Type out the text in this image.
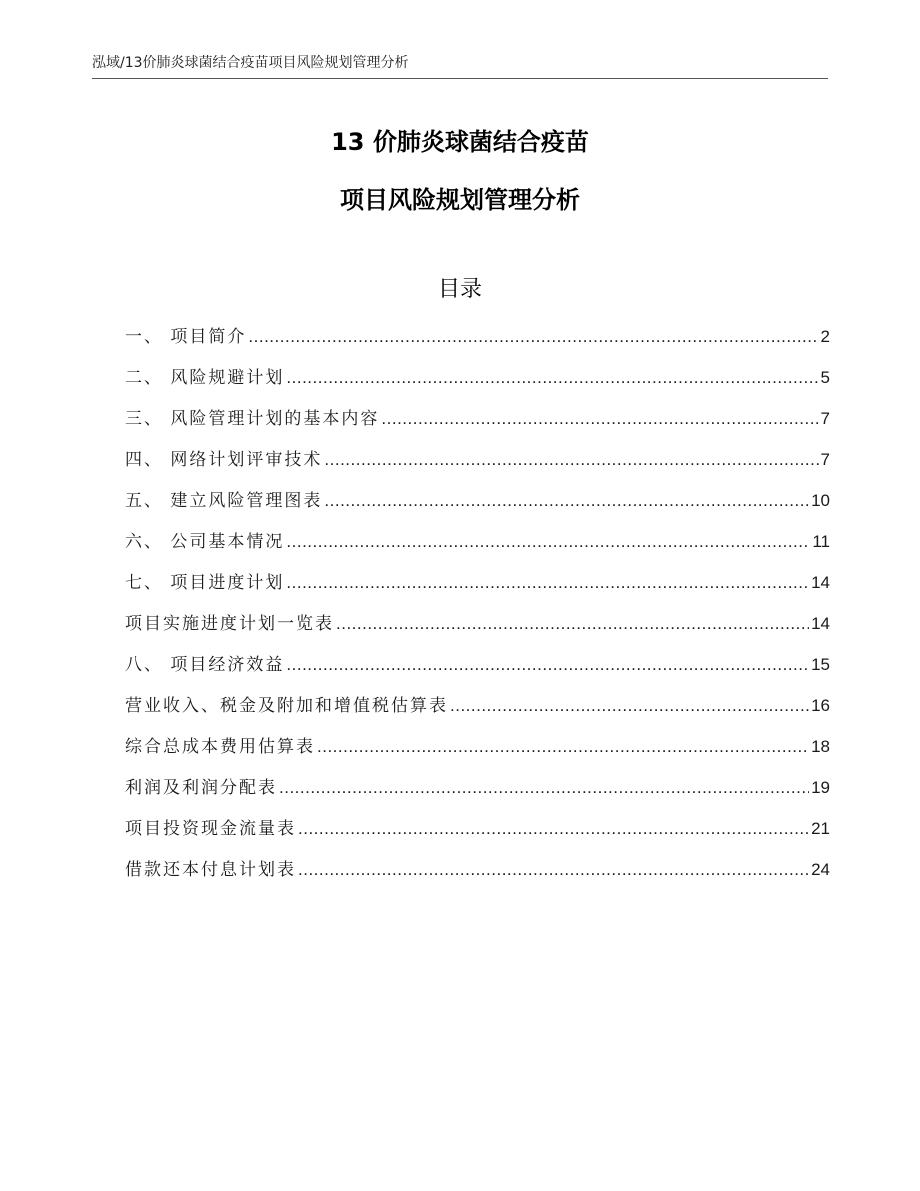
泓域/13价肺炎球菌结合疫苗项目风险规划管理分析
13 价肺炎球菌结合疫苗
项目风险规划管理分析
目录
一、 项目简介 .....	2
二、 风险规避计划 .....	5
三、 风险管理计划的基本内容 .....	7
四、 网络计划评审技术 .....	7
五、 建立风险管理图表 .....	10
六、 公司基本情况 .....	11
七、 项目进度计划 .....	14
项目实施进度计划一览表 .....	14
八、 项目经济效益 .....	15
营业收入、税金及附加和增值税估算表 .....	16
综合总成本费用估算表 .....	18
利润及利润分配表 .....	19
项目投资现金流量表 .....	21
借款还本付息计划表 .....	24
